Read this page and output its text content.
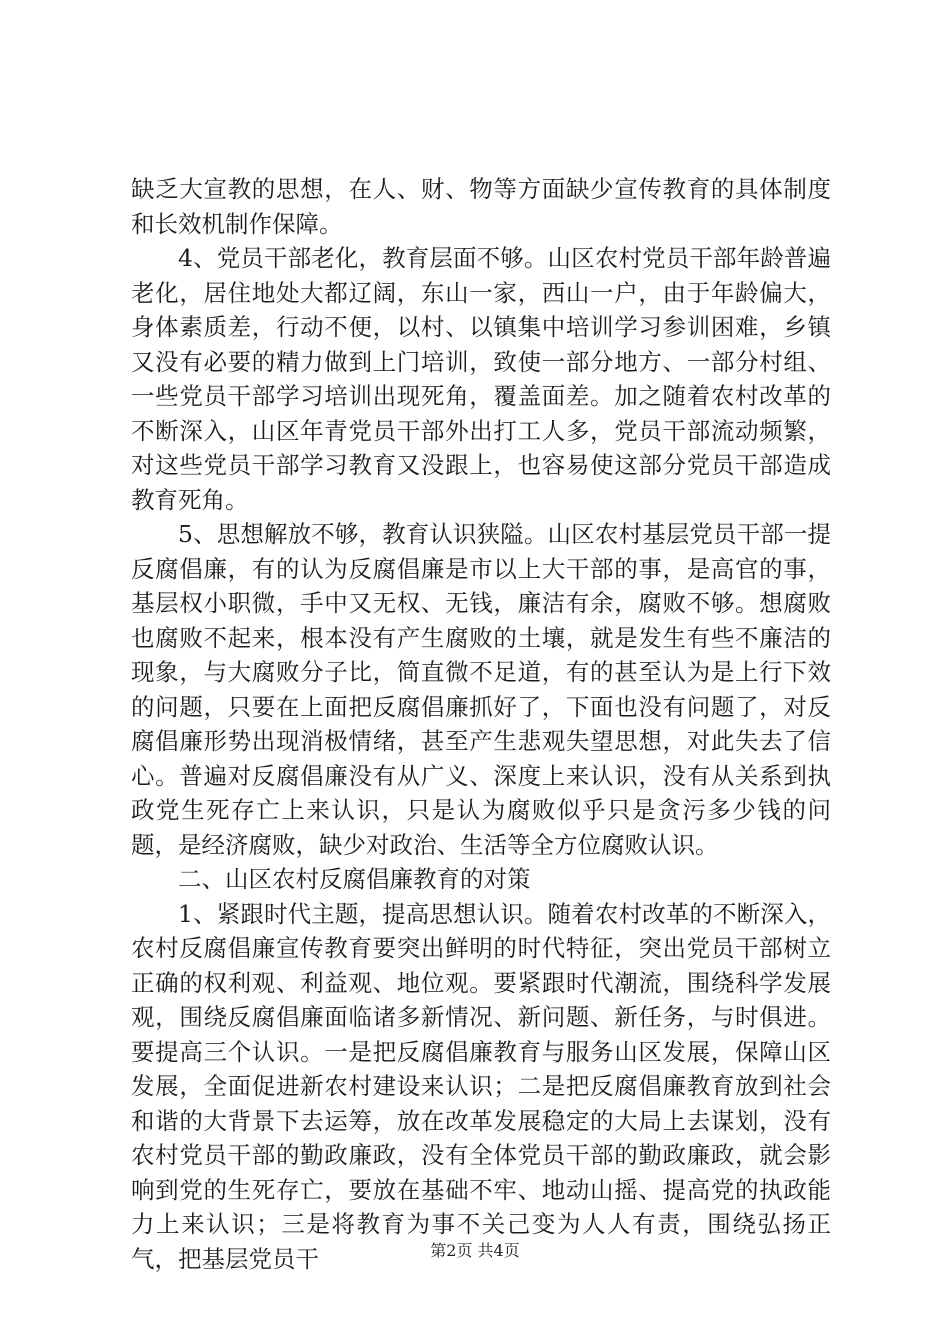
缺乏大宣教的思想，在人、财、物等方面缺少宣传教育的具体制度和长效机制作保障。

4、党员干部老化，教育层面不够。山区农村党员干部年龄普遍老化，居住地处大都辽阔，东山一家，西山一户，由于年龄偏大，身体素质差，行动不便，以村、以镇集中培训学习参训困难，乡镇又没有必要的精力做到上门培训，致使一部分地方、一部分村组、一些党员干部学习培训出现死角，覆盖面差。加之随着农村改革的不断深入，山区年青党员干部外出打工人多，党员干部流动频繁，对这些党员干部学习教育又没跟上，也容易使这部分党员干部造成教育死角。

5、思想解放不够，教育认识狭隘。山区农村基层党员干部一提反腐倡廉，有的认为反腐倡廉是市以上大干部的事，是高官的事，基层权小职微，手中又无权、无钱，廉洁有余，腐败不够。想腐败也腐败不起来，根本没有产生腐败的土壤，就是发生有些不廉洁的现象，与大腐败分子比，简直微不足道，有的甚至认为是上行下效的问题，只要在上面把反腐倡廉抓好了，下面也没有问题了，对反腐倡廉形势出现消极情绪，甚至产生悲观失望思想，对此失去了信心。普遍对反腐倡廉没有从广义、深度上来认识，没有从关系到执政党生死存亡上来认识，只是认为腐败似乎只是贪污多少钱的问题，是经济腐败，缺少对政治、生活等全方位腐败认识。

二、山区农村反腐倡廉教育的对策

1、紧跟时代主题，提高思想认识。随着农村改革的不断深入，农村反腐倡廉宣传教育要突出鲜明的时代特征，突出党员干部树立正确的权利观、利益观、地位观。要紧跟时代潮流，围绕科学发展观，围绕反腐倡廉面临诸多新情况、新问题、新任务，与时俱进。要提高三个认识。一是把反腐倡廉教育与服务山区发展，保障山区发展，全面促进新农村建设来认识；二是把反腐倡廉教育放到社会和谐的大背景下去运筹，放在改革发展稳定的大局上去谋划，没有农村党员干部的勤政廉政，没有全体党员干部的勤政廉政，就会影响到党的生死存亡，要放在基础不牢、地动山摇、提高党的执政能力上来认识；三是将教育为事不关己变为人人有责，围绕弘扬正气，把基层党员干	第2页 共4页
